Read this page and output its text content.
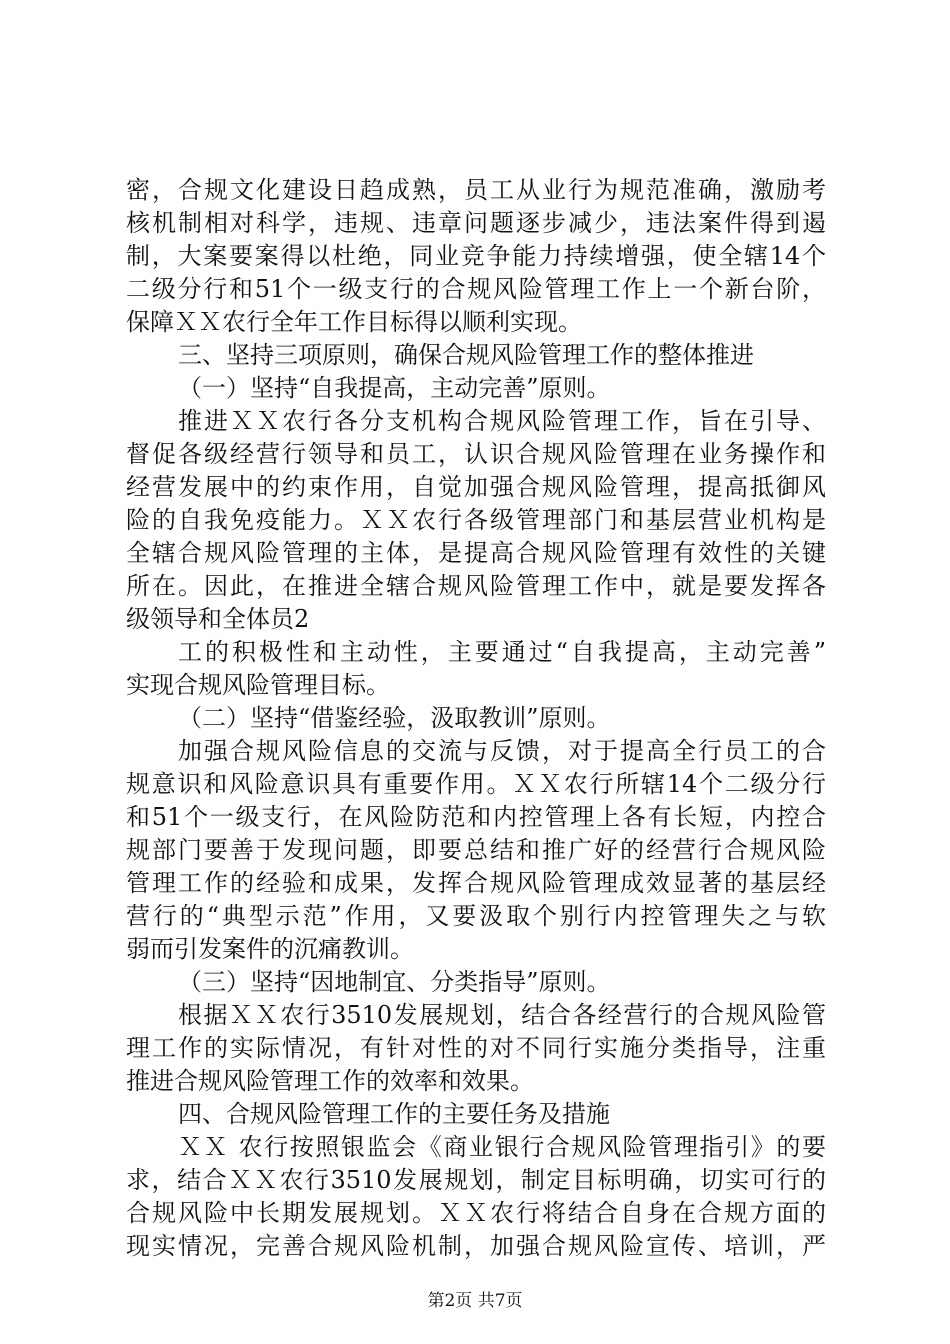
密，合规文化建设日趋成熟，员工从业行为规范准确，激励考
核机制相对科学，违规、违章问题逐步减少，违法案件得到遏
制，大案要案得以杜绝，同业竞争能力持续增强，使全辖14个
二级分行和51个一级支行的合规风险管理工作上一个新台阶，
保障ＸＸ农行全年工作目标得以顺利实现。
三、坚持三项原则，确保合规风险管理工作的整体推进
（一）坚持“自我提高，主动完善”原则。
推进ＸＸ农行各分支机构合规风险管理工作，旨在引导、
督促各级经营行领导和员工，认识合规风险管理在业务操作和
经营发展中的约束作用，自觉加强合规风险管理，提高抵御风
险的自我免疫能力。ＸＸ农行各级管理部门和基层营业机构是
全辖合规风险管理的主体，是提高合规风险管理有效性的关键
所在。因此，在推进全辖合规风险管理工作中，就是要发挥各
级领导和全体员2
工的积极性和主动性，主要通过“自我提高，主动完善”
实现合规风险管理目标。
（二）坚持“借鉴经验，汲取教训”原则。
加强合规风险信息的交流与反馈，对于提高全行员工的合
规意识和风险意识具有重要作用。ＸＸ农行所辖14个二级分行
和51个一级支行，在风险防范和内控管理上各有长短，内控合
规部门要善于发现问题，即要总结和推广好的经营行合规风险
管理工作的经验和成果，发挥合规风险管理成效显著的基层经
营行的“典型示范”作用，又要汲取个别行内控管理失之与软
弱而引发案件的沉痛教训。
（三）坚持“因地制宜、分类指导”原则。
根据ＸＸ农行3510发展规划，结合各经营行的合规风险管
理工作的实际情况，有针对性的对不同行实施分类指导，注重
推进合规风险管理工作的效率和效果。
四、合规风险管理工作的主要任务及措施
ＸＸ 农行按照银监会《商业银行合规风险管理指引》的要
求，结合ＸＸ农行3510发展规划，制定目标明确，切实可行的
合规风险中长期发展规划。ＸＸ农行将结合自身在合规方面的
现实情况，完善合规风险机制，加强合规风险宣传、培训，严
第2页 共7页
